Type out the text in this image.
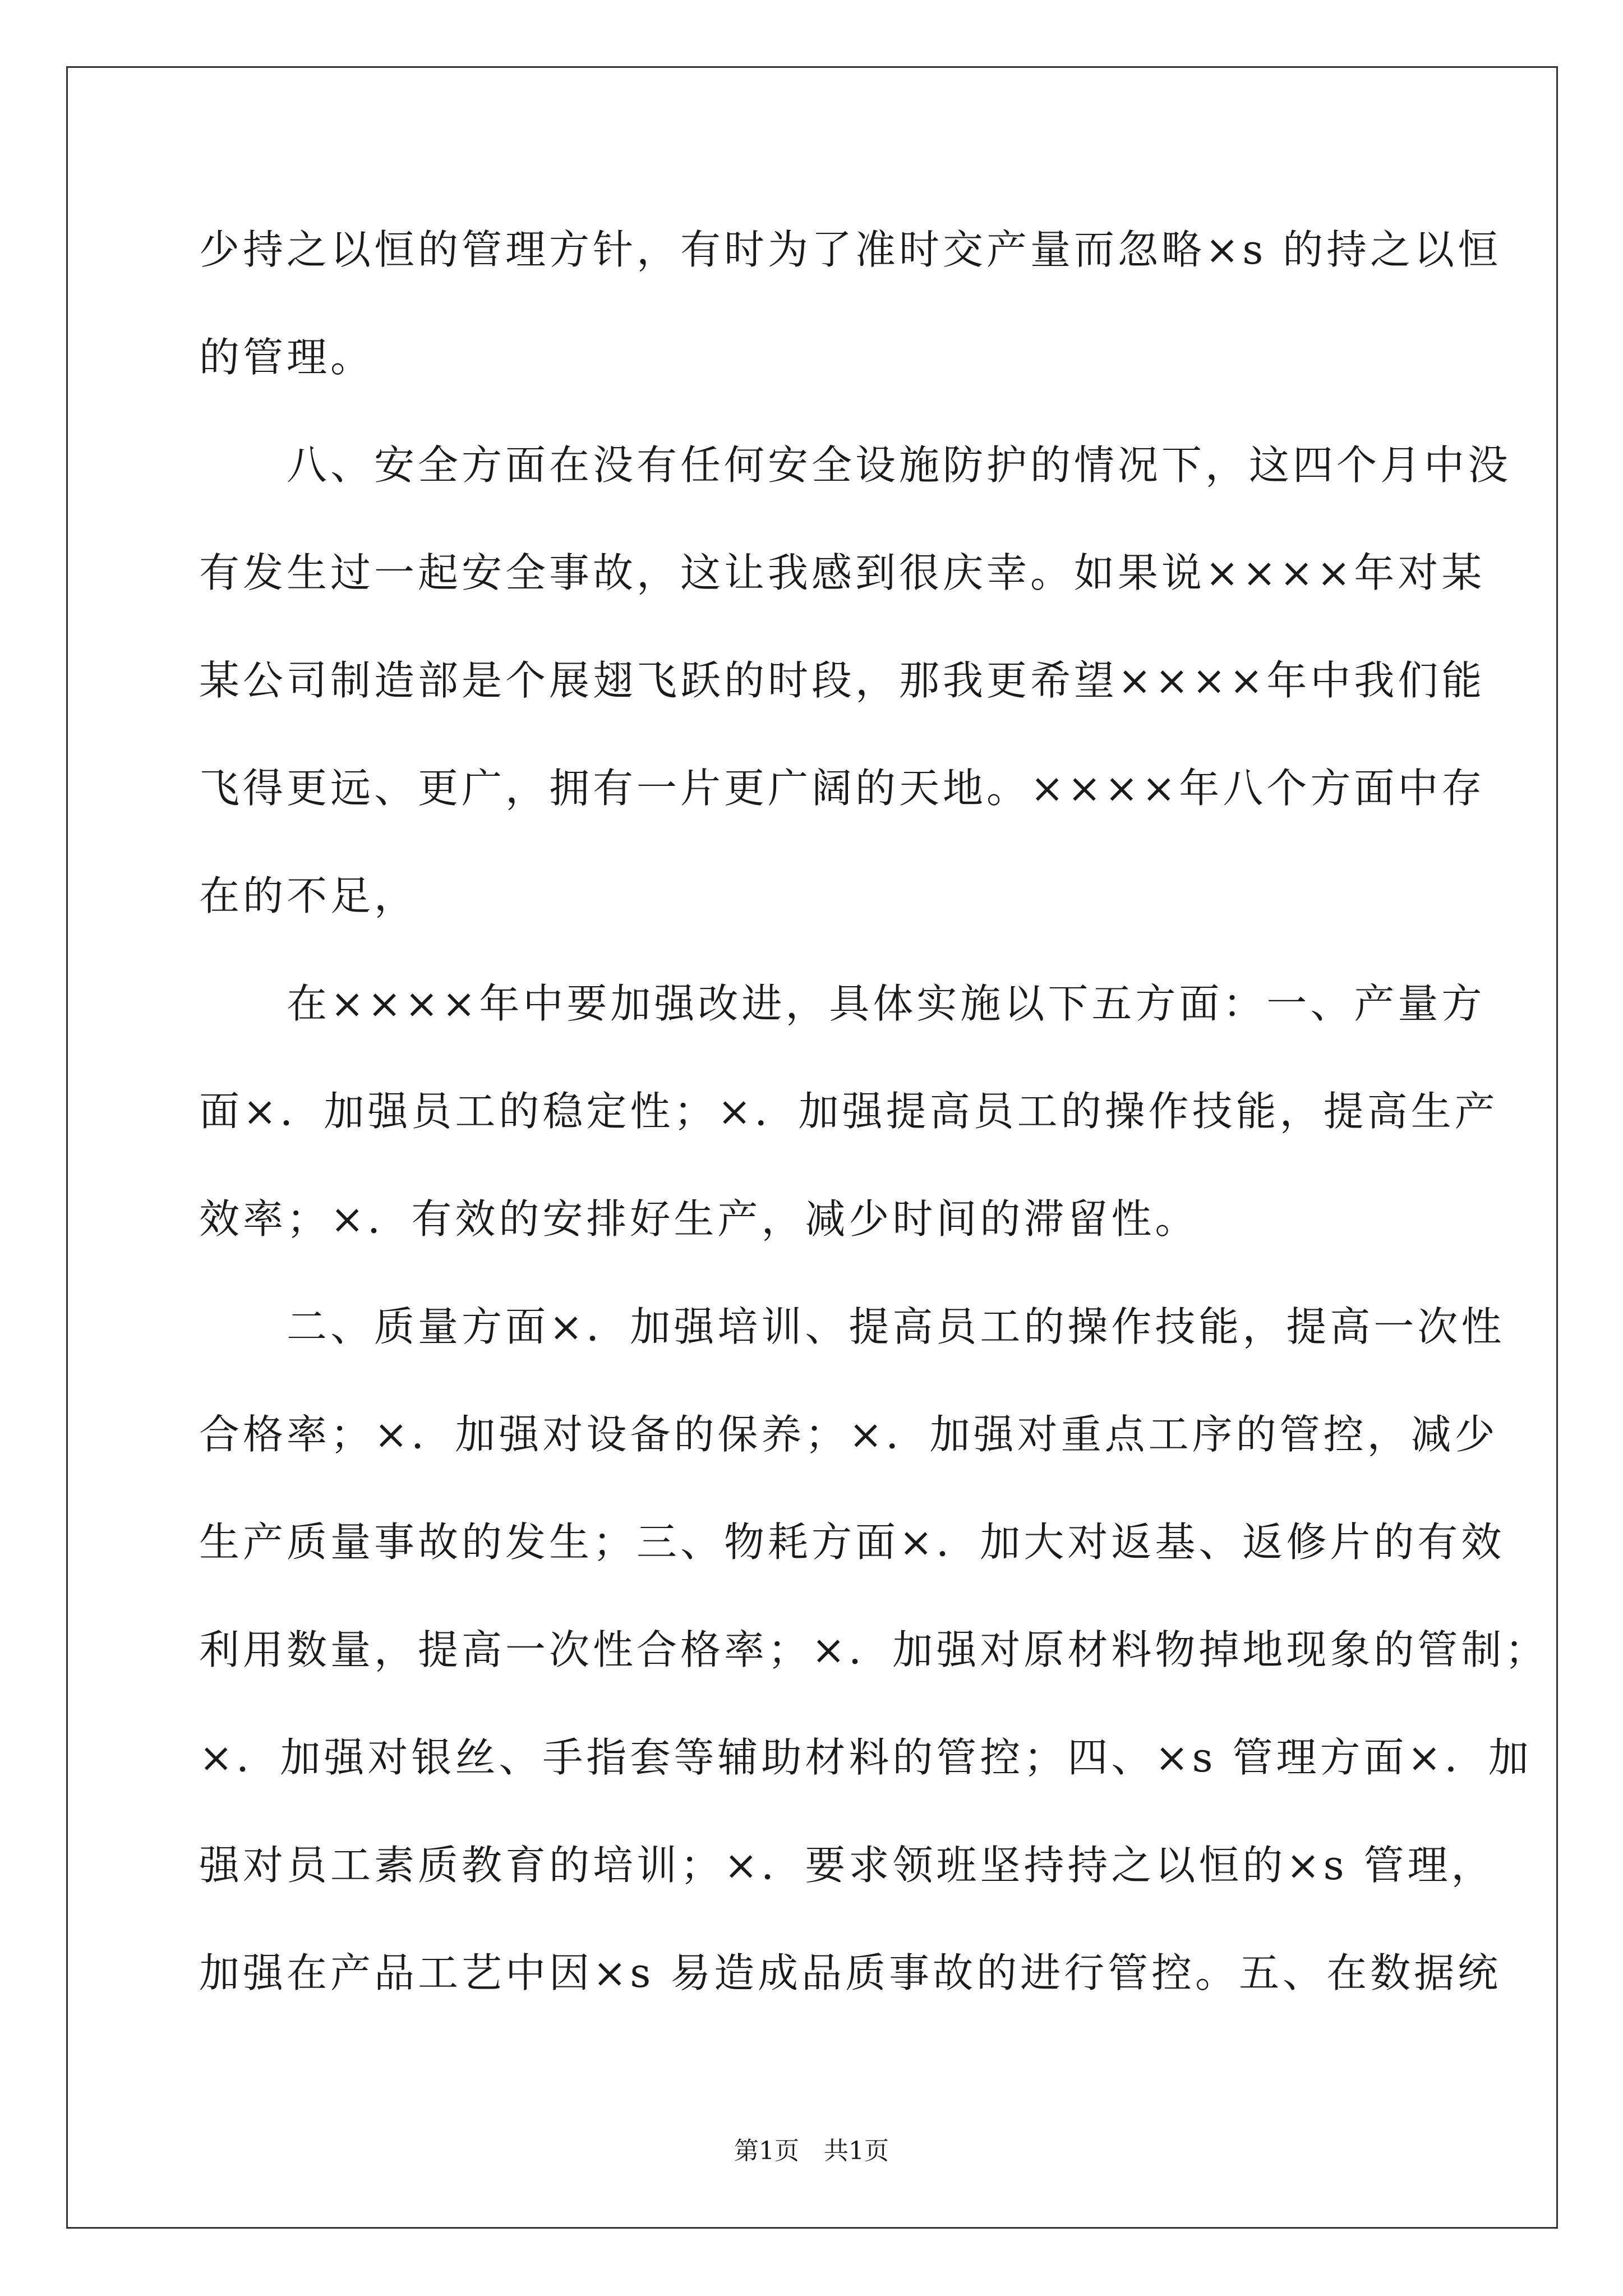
少持之以恒的管理方针，有时为了准时交产量而忽略×s 的持之以恒
的管理。
　　八、安全方面在没有任何安全设施防护的情况下，这四个月中没
有发生过一起安全事故，这让我感到很庆幸。如果说××××年对某
某公司制造部是个展翅飞跃的时段，那我更希望××××年中我们能
飞得更远、更广，拥有一片更广阔的天地。××××年八个方面中存
在的不足，
　　在××××年中要加强改进，具体实施以下五方面：一、产量方
面×．加强员工的稳定性；×．加强提高员工的操作技能，提高生产
效率；×．有效的安排好生产，减少时间的滞留性。
　　二、质量方面×．加强培训、提高员工的操作技能，提高一次性
合格率；×．加强对设备的保养；×．加强对重点工序的管控，减少
生产质量事故的发生；三、物耗方面×．加大对返基、返修片的有效
利用数量，提高一次性合格率；×．加强对原材料物掉地现象的管制；
×．加强对银丝、手指套等辅助材料的管控；四、×s 管理方面×．加
强对员工素质教育的培训；×．要求领班坚持持之以恒的×s 管理，
加强在产品工艺中因×s 易造成品质事故的进行管控。五、在数据统
第1页　共1页
